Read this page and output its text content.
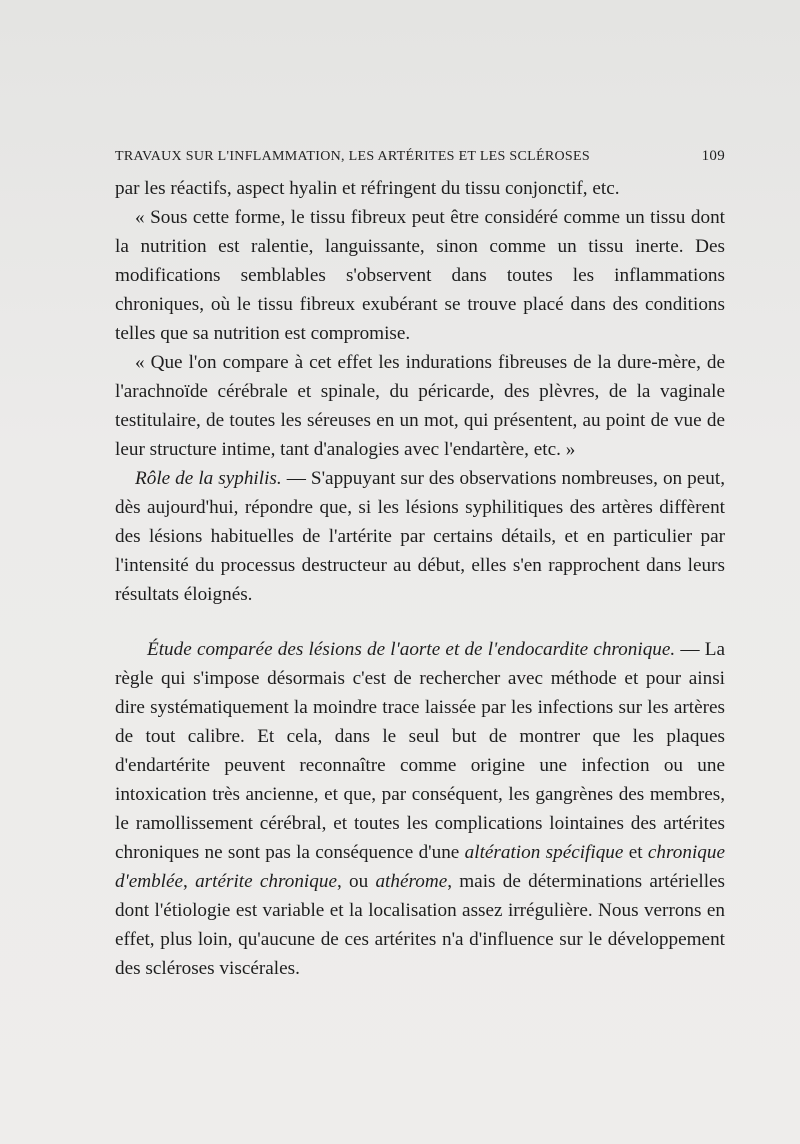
TRAVAUX SUR L'INFLAMMATION, LES ARTÉRITES ET LES SCLÉROSES	109

par les réactifs, aspect hyalin et réfringent du tissu conjonctif, etc.

« Sous cette forme, le tissu fibreux peut être considéré comme un tissu dont la nutrition est ralentie, languissante, sinon comme un tissu inerte. Des modifications semblables s'observent dans toutes les inflammations chroniques, où le tissu fibreux exubérant se trouve placé dans des conditions telles que sa nutrition est compromise.

« Que l'on compare à cet effet les indurations fibreuses de la dure-mère, de l'arachnoïde cérébrale et spinale, du péricarde, des plèvres, de la vaginale testitulaire, de toutes les séreuses en un mot, qui présentent, au point de vue de leur structure intime, tant d'analogies avec l'endartère, etc. »

Rôle de la syphilis. — S'appuyant sur des observations nombreuses, on peut, dès aujourd'hui, répondre que, si les lésions syphilitiques des artères diffèrent des lésions habituelles de l'artérite par certains détails, et en particulier par l'intensité du processus destructeur au début, elles s'en rapprochent dans leurs résultats éloignés.

Étude comparée des lésions de l'aorte et de l'endocardite chronique. — La règle qui s'impose désormais c'est de rechercher avec méthode et pour ainsi dire systématiquement la moindre trace laissée par les infections sur les artères de tout calibre. Et cela, dans le seul but de montrer que les plaques d'endartérite peuvent reconnaître comme origine une infection ou une intoxication très ancienne, et que, par conséquent, les gangrènes des membres, le ramollissement cérébral, et toutes les complications lointaines des artérites chroniques ne sont pas la conséquence d'une altération spécifique et chronique d'emblée, artérite chronique, ou athérome, mais de déterminations artérielles dont l'étiologie est variable et la localisation assez irrégulière. Nous verrons en effet, plus loin, qu'aucune de ces artérites n'a d'influence sur le développement des scléroses viscérales.
